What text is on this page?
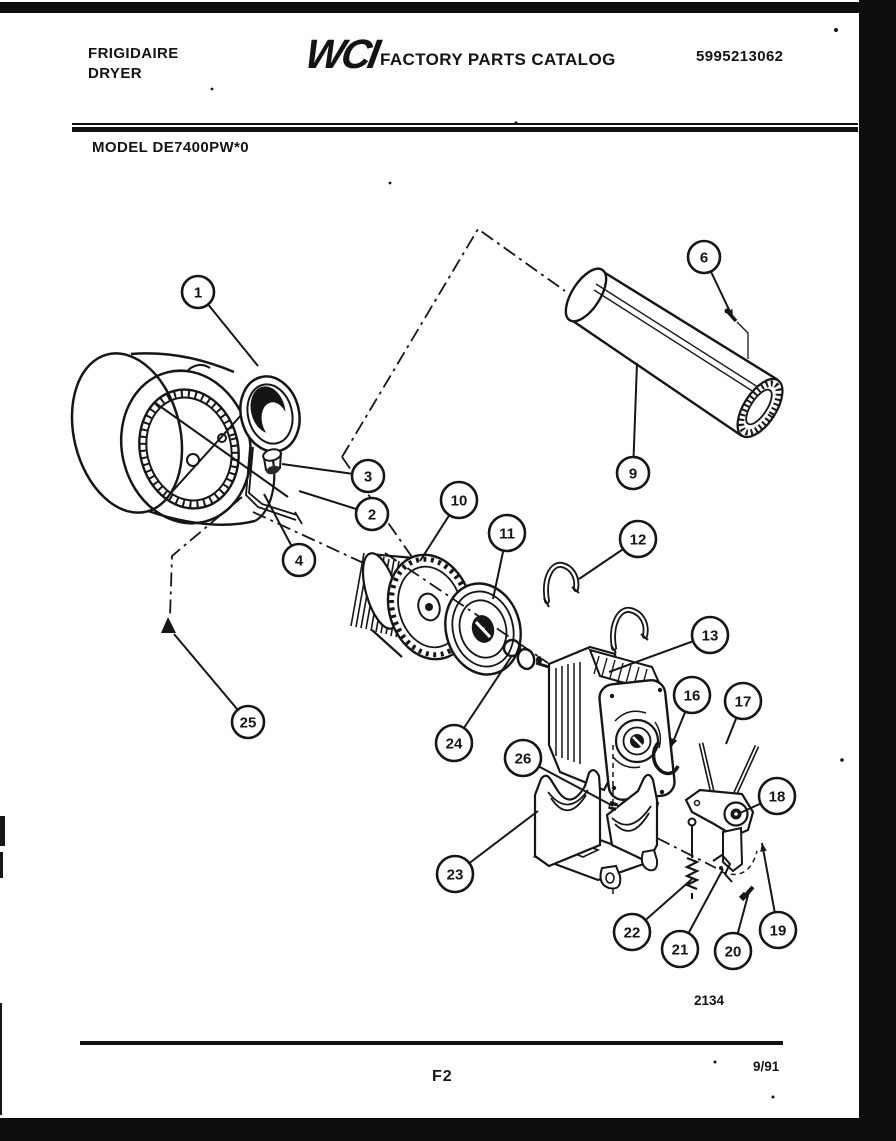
FRIGIDAIRE
DRYER	WCI FACTORY PARTS CATALOG	5995213062
MODEL DE7400PW*0
1
2
3
4
6
9
10
11	12
13
16 17
18
19
20
21
22
23
24
25
26
2134
F2
9/91
